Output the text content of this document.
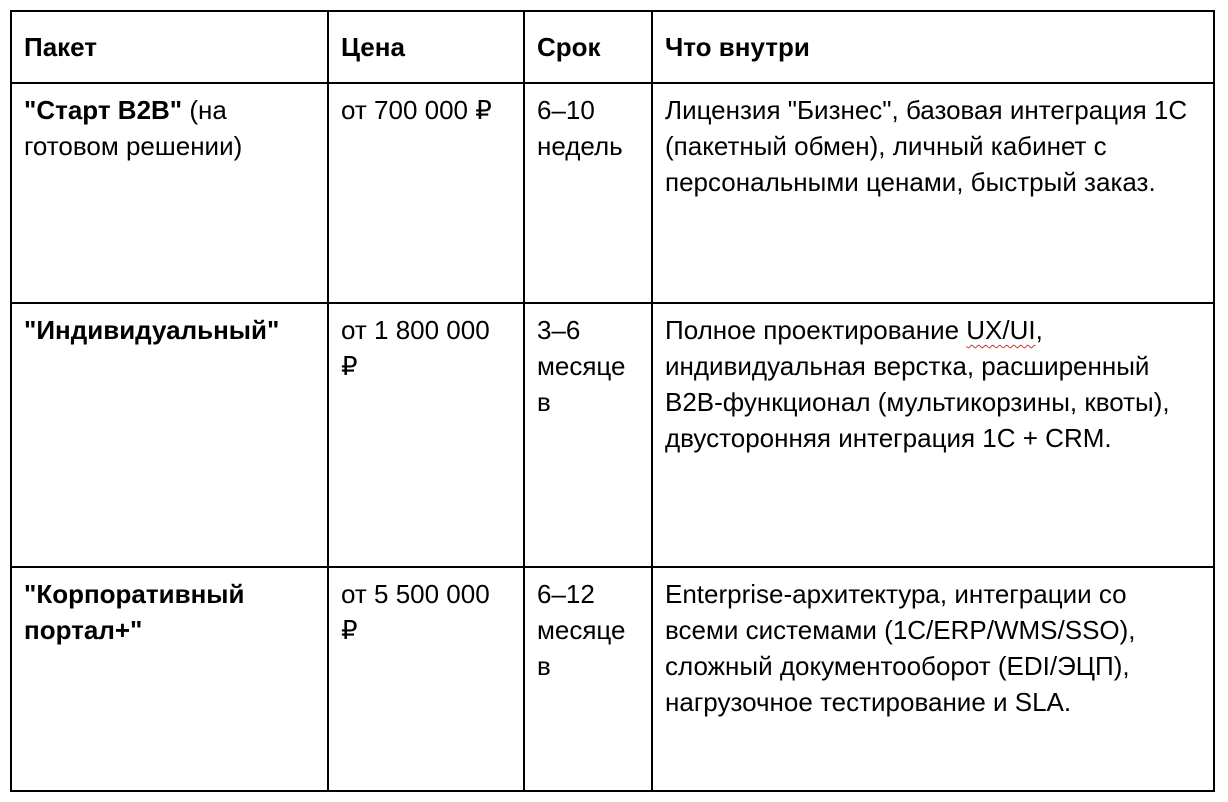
Пакет	Цена	Срок	Что внутри
"Старт B2B" (на готовом решении)	от 700 000 ₽	6–10 недель	Лицензия "Бизнес", базовая интеграция 1С (пакетный обмен), личный кабинет с персональными ценами, быстрый заказ.
"Индивидуальный"	от 1 800 000 ₽	3–6 месяцев	Полное проектирование UX/UI, индивидуальная верстка, расширенный B2B-функционал (мультикорзины, квоты), двусторонняя интеграция 1С + CRM.
"Корпоративный портал+"	от 5 500 000 ₽	6–12 месяцев	Enterprise-архитектура, интеграции со всеми системами (1С/ERP/WMS/SSO), сложный документооборот (EDI/ЭЦП), нагрузочное тестирование и SLA.
